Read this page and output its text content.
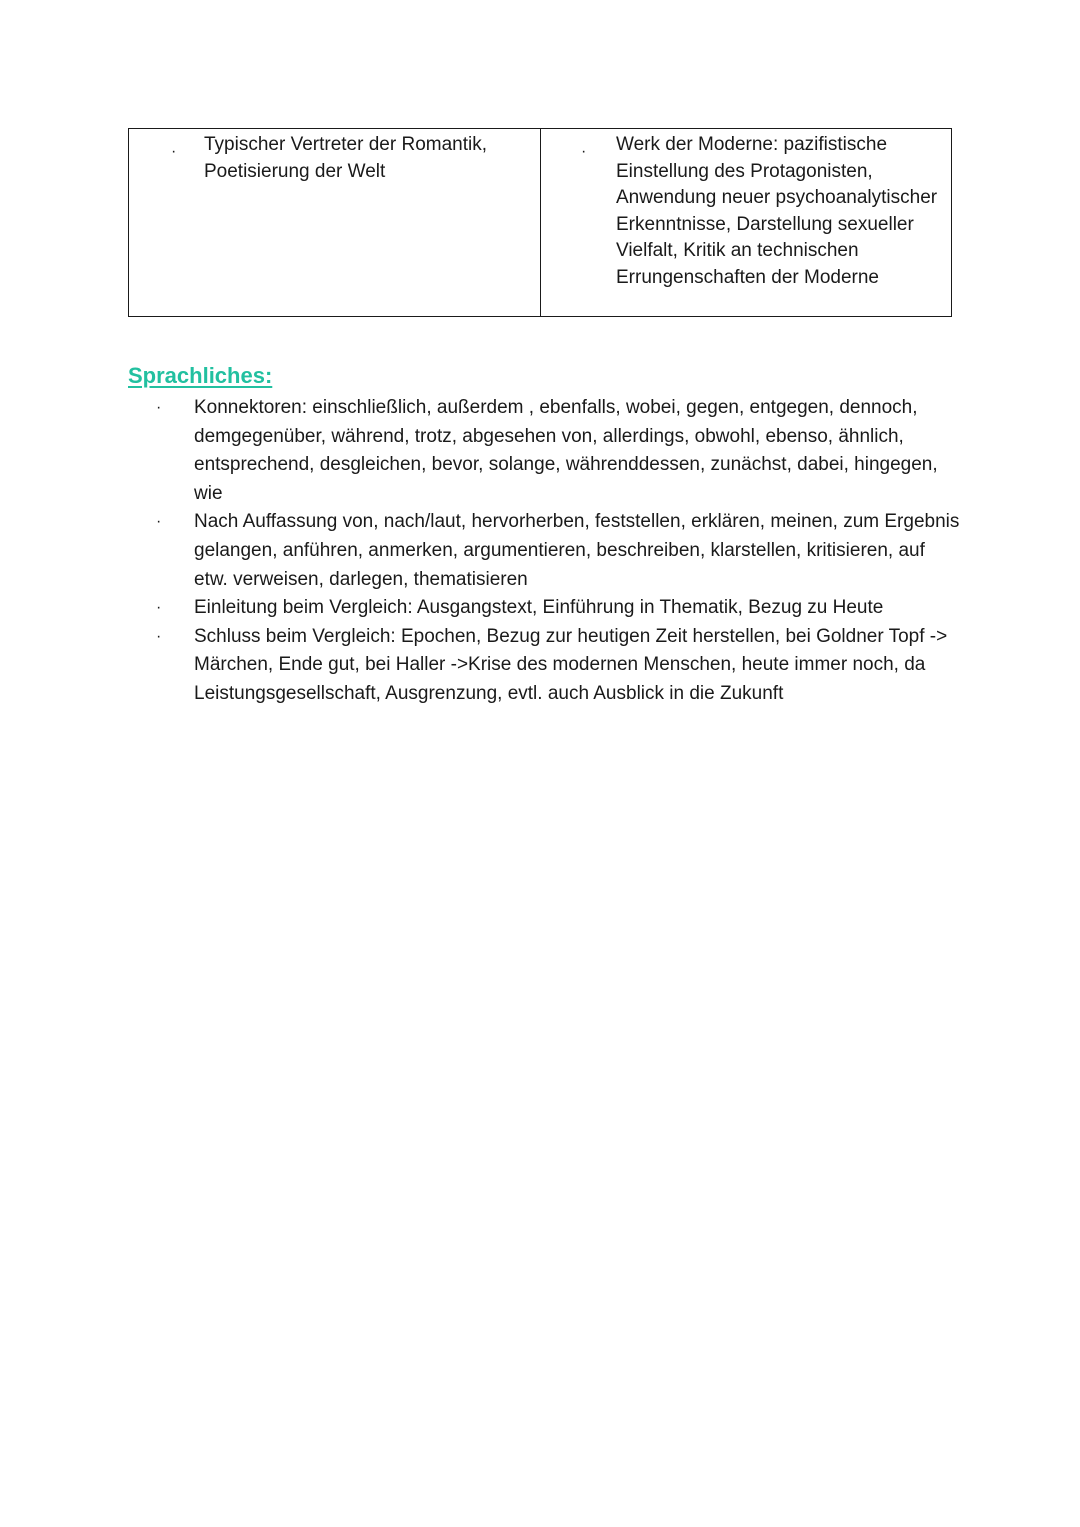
· Typischer Vertreter der Romantik, Poetisierung der Welt
· Werk der Moderne: pazifistische Einstellung des Protagonisten, Anwendung neuer psychoanalytischer Erkenntnisse, Darstellung sexueller Vielfalt, Kritik an technischen Errungenschaften der Moderne
Sprachliches:
· Konnektoren: einschließlich, außerdem , ebenfalls, wobei, gegen, entgegen, dennoch, demgegenüber, während, trotz, abgesehen von, allerdings, obwohl, ebenso, ähnlich, entsprechend, desgleichen, bevor, solange, währenddessen, zunächst, dabei, hingegen, wie
· Nach Auffassung von, nach/laut, hervorherben, feststellen, erklären, meinen, zum Ergebnis gelangen, anführen, anmerken, argumentieren, beschreiben, klarstellen, kritisieren, auf etw. verweisen, darlegen, thematisieren
· Einleitung beim Vergleich: Ausgangstext, Einführung in Thematik, Bezug zu Heute
· Schluss beim Vergleich: Epochen, Bezug zur heutigen Zeit herstellen, bei Goldner Topf -> Märchen, Ende gut, bei Haller ->Krise des modernen Menschen, heute immer noch, da Leistungsgesellschaft, Ausgrenzung, evtl. auch Ausblick in die Zukunft
